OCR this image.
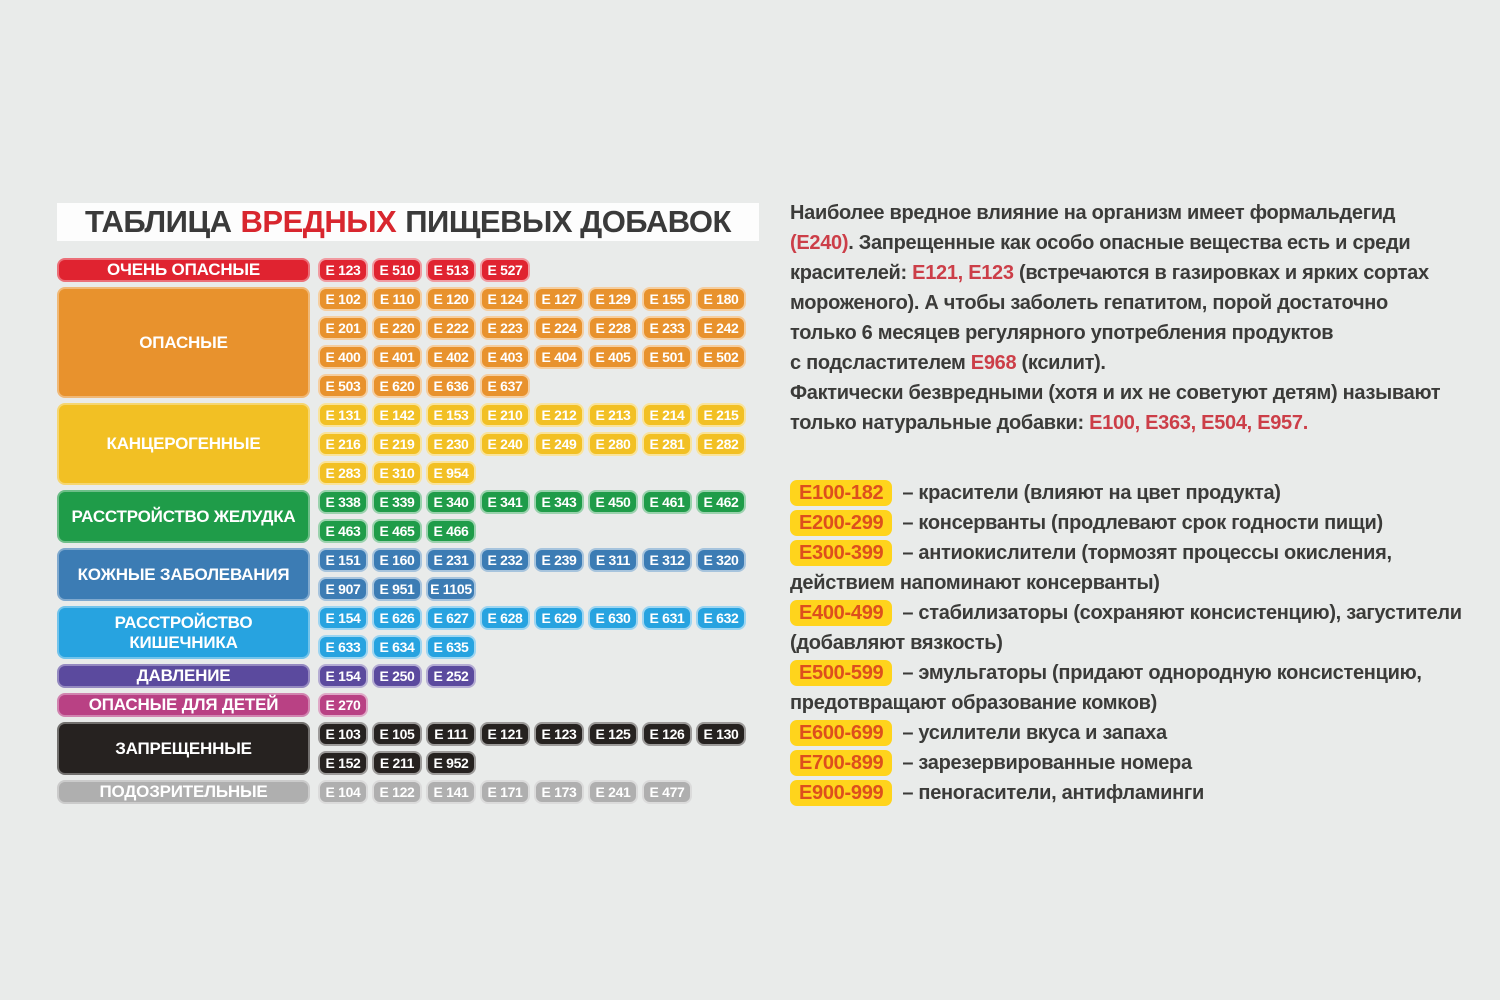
ТАБЛИЦА ВРЕДНЫХ ПИЩЕВЫХ ДОБАВОК
ОЧЕНЬ ОПАСНЫЕ	E 123	E 510	E 513	E 527
ОПАСНЫЕ
E 102	E 110	E 120	E 124	E 127	E 129	E 155	E 180
E 201	E 220	E 222	E 223	E 224	E 228	E 233	E 242
E 400	E 401	E 402	E 403	E 404	E 405	E 501	E 502
E 503	E 620	E 636	E 637
КАНЦЕРОГЕННЫЕ
E 131	E 142	E 153	E 210	E 212	E 213	E 214	E 215
E 216	E 219	E 230	E 240	E 249	E 280	E 281	E 282
E 283	E 310	E 954
РАССТРОЙСТВО ЖЕЛУДКА
E 338	E 339	E 340	E 341	E 343	E 450	E 461	E 462
E 463	E 465	E 466
КОЖНЫЕ ЗАБОЛЕВАНИЯ
E 151	E 160	E 231	E 232	E 239	E 311	E 312	E 320
E 907	E 951	E 1105
РАССТРОЙСТВО КИШЕЧНИКА
E 154	E 626	E 627	E 628	E 629	E 630	E 631	E 632
E 633	E 634	E 635
ДАВЛЕНИЕ	E 154	E 250	E 252
ОПАСНЫЕ ДЛЯ ДЕТЕЙ	E 270
ЗАПРЕЩЕННЫЕ
E 103	E 105	E 111	E 121	E 123	E 125	E 126	E 130
E 152	E 211	E 952
ПОДОЗРИТЕЛЬНЫЕ	E 104	E 122	E 141	E 171	E 173	E 241	E 477
Наиболее вредное влияние на организм имеет формальдегид
(Е240). Запрещенные как особо опасные вещества есть и среди
красителей: Е121, Е123 (встречаются в газировках и ярких сортах
мороженого). А чтобы заболеть гепатитом, порой достаточно
только 6 месяцев регулярного употребления продуктов
с подсластителем Е968 (ксилит).
Фактически безвредными (хотя и их не советуют детям) называют
только натуральные добавки: Е100, Е363, Е504, Е957.
Е100-182 – красители (влияют на цвет продукта)
Е200-299 – консерванты (продлевают срок годности пищи)
Е300-399 – антиокислители (тормозят процессы окисления,
действием напоминают консерванты)
Е400-499 – стабилизаторы (сохраняют консистенцию), загустители
(добавляют вязкость)
Е500-599 – эмульгаторы (придают однородную консистенцию,
предотвращают образование комков)
Е600-699 – усилители вкуса и запаха
Е700-899 – зарезервированные номера
Е900-999 – пеногасители, антифламинги
